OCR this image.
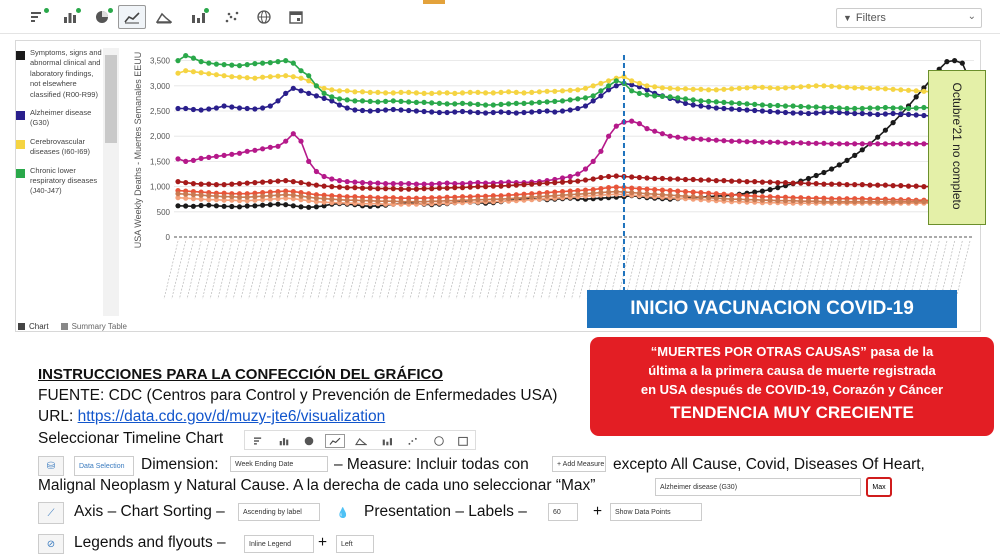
▼ Filters	⌄
Symptoms, signs and abnormal clinical and laboratory findings, not elsewhere classified (R00-R99)
Alzheimer disease (G30)
Cerebrovascular diseases (I60-I69)
Chronic lower respiratory diseases (J40-J47)
Chart	Summary Table
0
500
1,000
1,500
2,000
2,500
3,000
3,500
USA Weekly Deaths - Muertes Semanales EEUU	Octubre'21 no completo
INICIO VACUNACION COVID-19
“MUERTES POR OTRAS CAUSAS” pasa de la
última a la primera causa de muerte registrada
en USA después de COVID-19, Corazón y Cáncer
TENDENCIA MUY CRECIENTE
INSTRUCCIONES PARA LA CONFECCIÓN DEL GRÁFICO
FUENTE: CDC (Centros para Control y Prevención de Enfermedades USA)
URL: https://data.cdc.gov/d/muzy-jte6/visualization
Seleccionar Timeline Chart
⛁	Data Selection	Dimension:	Week Ending Date	– Measure: Incluir todas con	+ Add Measure excepto All Cause, Covid, Diseases Of Heart,
Malignal Neoplasm y Natural Cause. A la derecha de cada uno seleccionar “Max”	Alzheimer disease (G30)	Max
⟋	Axis – Chart Sorting –	Ascending by label	💧 Presentation – Labels –	60	+	Show Data Points
⊘	Legends and flyouts –	Inline Legend	+	Left
